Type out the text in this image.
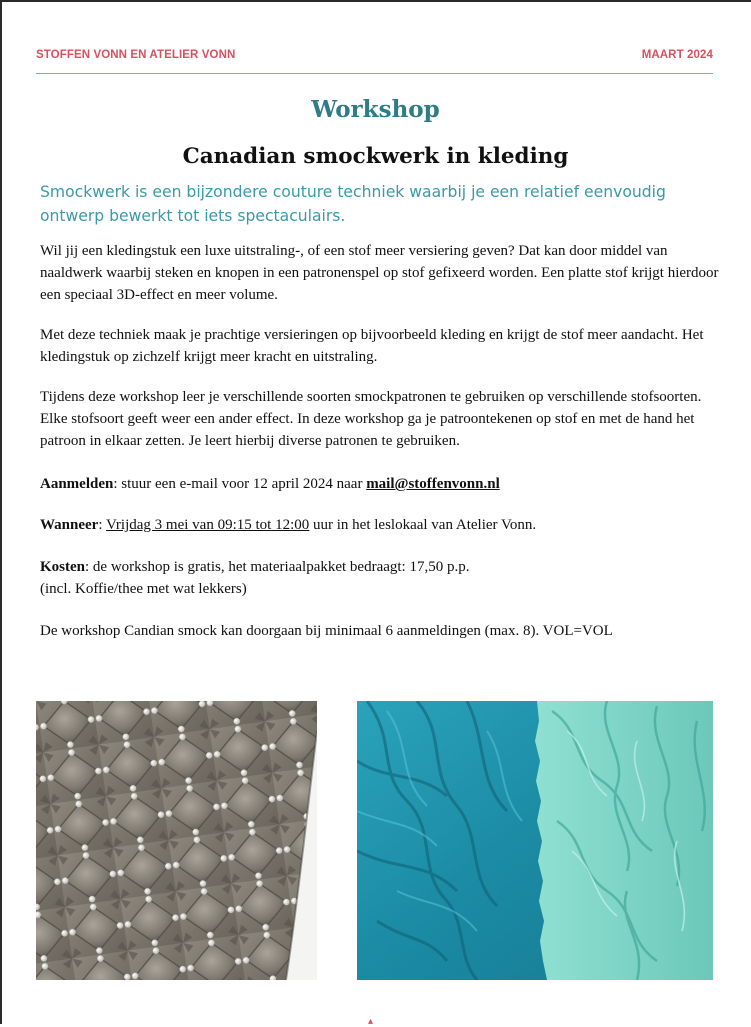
STOFFEN VONN EN ATELIER VONN	MAART 2024
Workshop
Canadian smockwerk in kleding
Smockwerk is een bijzondere couture techniek waarbij je een relatief eenvoudig ontwerp bewerkt tot iets spectaculairs.
Wil jij een kledingstuk een luxe uitstraling-, of een stof meer versiering geven? Dat kan door middel van naaldwerk waarbij steken en knopen in een patronenspel op stof gefixeerd worden. Een platte stof krijgt hierdoor een speciaal 3D-effect en meer volume.
Met deze techniek maak je prachtige versieringen op bijvoorbeeld kleding en krijgt de stof meer aandacht. Het kledingstuk op zichzelf krijgt meer kracht en uitstraling.
Tijdens deze workshop leer je verschillende soorten smockpatronen te gebruiken op verschillende stofsoorten. Elke stofsoort geeft weer een ander effect. In deze workshop ga je patroontekenen op stof en met de hand het patroon in elkaar zetten. Je leert hierbij diverse patronen te gebruiken.
Aanmelden: stuur een e-mail voor 12 april 2024 naar mail@stoffenvonn.nl
Wanneer: Vrijdag 3 mei van 09:15 tot 12:00 uur in het leslokaal van Atelier Vonn.
Kosten: de workshop is gratis, het materiaalpakket bedraagt: 17,50 p.p.
(incl. Koffie/thee met wat lekkers)
De workshop Candian smock kan doorgaan bij minimaal 6 aanmeldingen (max. 8). VOL=VOL
▴
